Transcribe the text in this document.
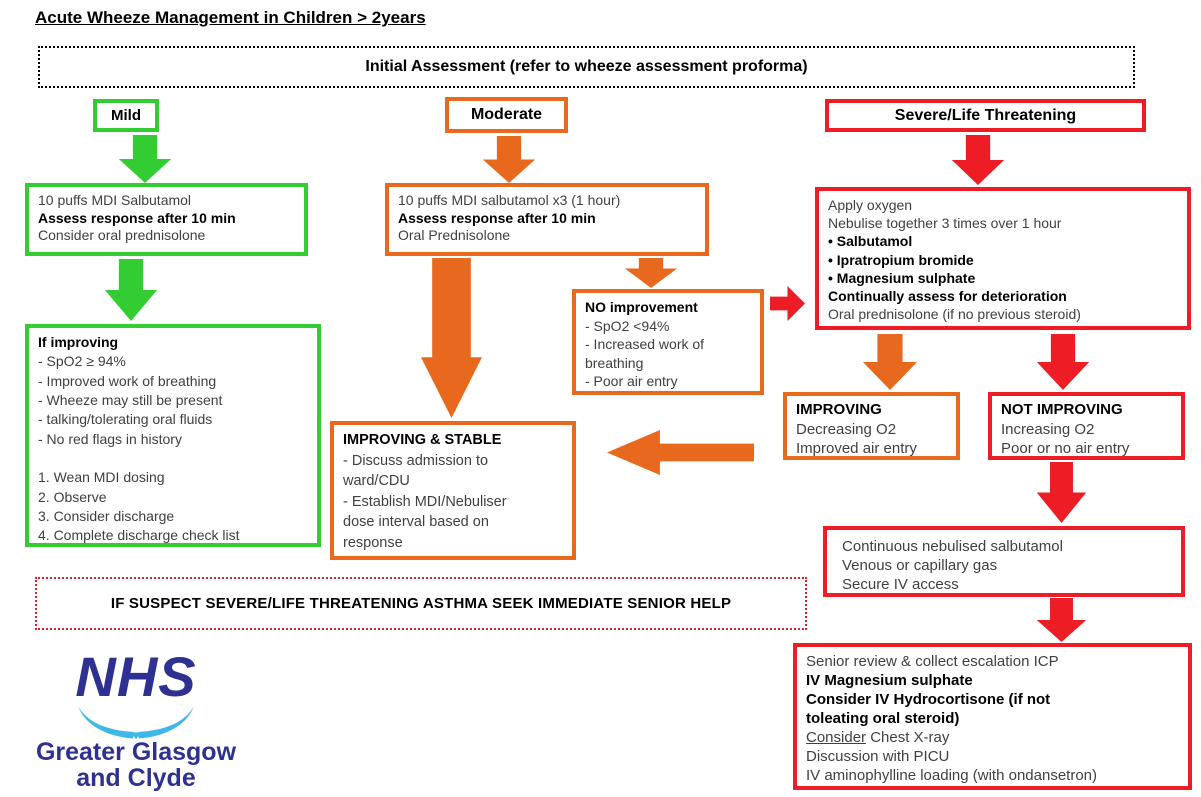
Acute Wheeze Management in Children > 2years
Initial Assessment (refer to wheeze assessment proforma)
Mild
10 puffs MDI Salbutamol
Assess response after 10 min
Consider oral prednisolone
If improving
- SpO2 ≥ 94%
- Improved work of breathing
- Wheeze may still be present
- talking/tolerating oral fluids
- No red flags in history

1. Wean MDI dosing
2. Observe
3. Consider discharge
4. Complete discharge check list
Moderate
10 puffs MDI salbutamol x3 (1 hour)
Assess response after 10 min
Oral Prednisolone
NO improvement
- SpO2 <94%
- Increased work of
breathing
- Poor air entry
IMPROVING & STABLE
- Discuss admission to
ward/CDU
- Establish MDI/Nebuliser
dose interval based on
response
Severe/Life Threatening
Apply oxygen
Nebulise together 3 times over 1 hour
• Salbutamol
• Ipratropium bromide
• Magnesium sulphate
Continually assess for deterioration
Oral prednisolone (if no previous steroid)
IMPROVING
Decreasing O2
Improved air entry
NOT IMPROVING
Increasing O2
Poor or no air entry
Continuous nebulised salbutamol
Venous or capillary gas
Secure IV access
Senior review & collect escalation ICP
IV Magnesium sulphate
Consider IV Hydrocortisone (if not
toleating oral steroid)
Consider Chest X-ray
Discussion with PICU
IV aminophylline loading (with ondansetron)
IF SUSPECT SEVERE/LIFE THREATENING ASTHMA SEEK IMMEDIATE SENIOR HELP
NHS
Greater Glasgow
and Clyde
